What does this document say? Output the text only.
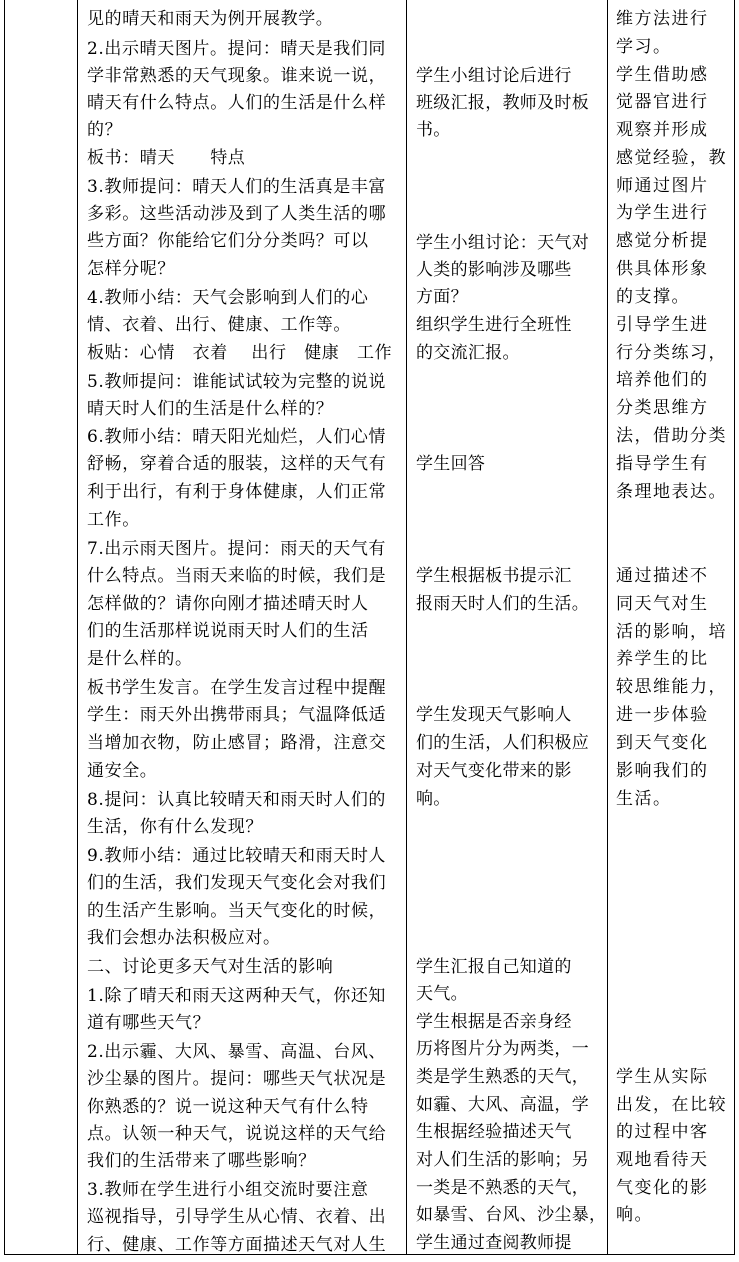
见的晴天和雨天为例开展教学。
2.出示晴天图片。提问：晴天是我们同
学非常熟悉的天气现象。谁来说一说，
晴天有什么特点。人们的生活是什么样
的？
板书：晴天　　特点
3.教师提问：晴天人们的生活真是丰富
多彩。这些活动涉及到了人类生活的哪
些方面？你能给它们分分类吗？可以
怎样分呢？
4.教师小结：天气会影响到人们的心
情、衣着、出行、健康、工作等。
板贴：心情　衣着　 出行　健康　工作
5.教师提问：谁能试试较为完整的说说
晴天时人们的生活是什么样的？
6.教师小结：晴天阳光灿烂，人们心情
舒畅，穿着合适的服装，这样的天气有
利于出行，有利于身体健康，人们正常
工作。
7.出示雨天图片。提问：雨天的天气有
什么特点。当雨天来临的时候，我们是
怎样做的？请你向刚才描述晴天时人
们的生活那样说说雨天时人们的生活
是什么样的。
板书学生发言。在学生发言过程中提醒
学生：雨天外出携带雨具；气温降低适
当增加衣物，防止感冒；路滑，注意交
通安全。
8.提问：认真比较晴天和雨天时人们的
生活，你有什么发现？
9.教师小结：通过比较晴天和雨天时人
们的生活，我们发现天气变化会对我们
的生活产生影响。当天气变化的时候，
我们会想办法积极应对。
二、讨论更多天气对生活的影响
1.除了晴天和雨天这两种天气，你还知
道有哪些天气？
2.出示霾、大风、暴雪、高温、台风、
沙尘暴的图片。提问：哪些天气状况是
你熟悉的？说一说这种天气有什么特
点。认领一种天气，说说这样的天气给
我们的生活带来了哪些影响？
3.教师在学生进行小组交流时要注意
巡视指导，引导学生从心情、衣着、出
行、健康、工作等方面描述天气对人生
学生小组讨论后进行
班级汇报，教师及时板
书。
学生小组讨论：天气对
人类的影响涉及哪些
方面？
组织学生进行全班性
的交流汇报。
学生回答
学生根据板书提示汇
报雨天时人们的生活。
学生发现天气影响人
们的生活，人们积极应
对天气变化带来的影
响。
学生汇报自己知道的
天气。
学生根据是否亲身经
历将图片分为两类，一
类是学生熟悉的天气，
如霾、大风、高温，学
生根据经验描述天气
对人们生活的影响；另
一类是不熟悉的天气，
如暴雪、台风、沙尘暴，
学生通过查阅教师提
维方法进行
学习。
学生借助感
觉器官进行
观察并形成
感觉经验，教
师通过图片
为学生进行
感觉分析提
供具体形象
的支撑。
引导学生进
行分类练习，
培养他们的
分类思维方
法，借助分类
指导学生有
条理地表达。
通过描述不
同天气对生
活的影响，培
养学生的比
较思维能力，
进一步体验
到天气变化
影响我们的
生活。
学生从实际
出发，在比较
的过程中客
观地看待天
气变化的影
响。
